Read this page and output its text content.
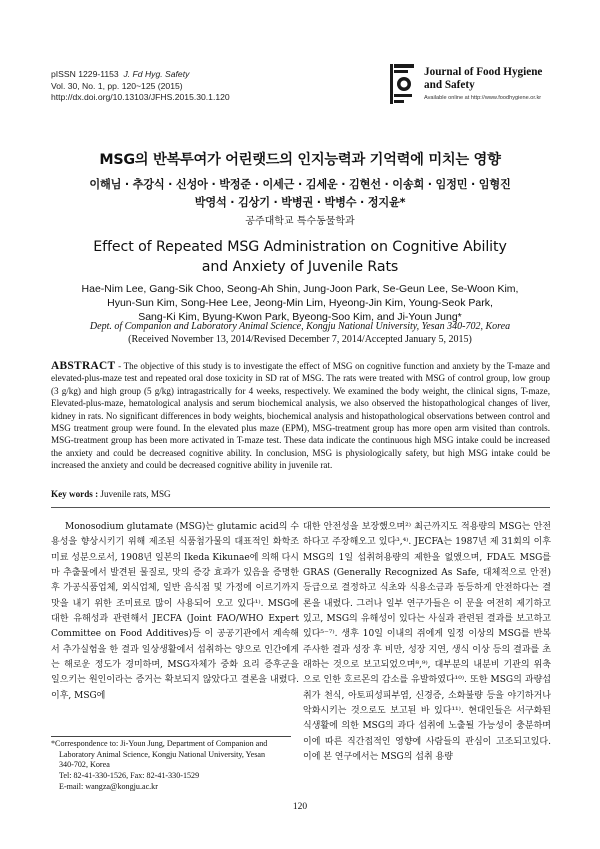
pISSN 1229-1153 J. Fd Hyg. Safety
Vol. 30, No. 1, pp. 120~125 (2015)
http://dx.doi.org/10.13103/JFHS.2015.30.1.120
Journal of Food Hygiene
and Safety
Available online at http://www.foodhygiene.or.kr
MSG의 반복투여가 어린랫드의 인지능력과 기억력에 미치는 영향
이해님 · 추강식 · 신성아 · 박정준 · 이세근 · 김세운 · 김현선 · 이송희 · 임정민 · 임형진
박영석 · 김상기 · 박병권 · 박병수 · 정지윤*
공주대학교 특수동물학과
Effect of Repeated MSG Administration on Cognitive Ability
and Anxiety of Juvenile Rats
Hae-Nim Lee, Gang-Sik Choo, Seong-Ah Shin, Jung-Joon Park, Se-Geun Lee, Se-Woon Kim,
Hyun-Sun Kim, Song-Hee Lee, Jeong-Min Lim, Hyeong-Jin Kim, Young-Seok Park,
Sang-Ki Kim, Byung-Kwon Park, Byeong-Soo Kim, and Ji-Youn Jung*
Dept. of Companion and Laboratory Animal Science, Kongju National University, Yesan 340-702, Korea
(Received November 13, 2014/Revised December 7, 2014/Accepted January 5, 2015)
ABSTRACT - The objective of this study is to investigate the effect of MSG on cognitive function and anxiety by the T-maze and elevated-plus-maze test and repeated oral dose toxicity in SD rat of MSG. The rats were treated with MSG of control group, low group (3 g/kg) and high group (5 g/kg) intragastrically for 4 weeks, respectively. We examined the body weight, the clinical signs, T-maze, Elevated-plus-maze, hematological analysis and serum biochemical analysis, we also observed the histopathological changes of liver, kidney in rats. No significant differences in body weights, biochemical analysis and histopathological observations between control and MSG treatment group were found. In the elevated plus maze (EPM), MSG-treatment group has more open arm visited than controls. MSG-treatment group has been more activated in T-maze test. These data indicate the continuous high MSG intake could be increased the anxiety and could be decreased cognitive ability. In conclusion, MSG is physiologically safety, but high MSG intake could be increased the anxiety and could be decreased cognitive ability in juvenile rat.
Key words : Juvenile rats, MSG

Monosodium glutamate (MSG)는 glutamic acid의 수용성을 향상시키기 위해 제조된 식품첨가물의 대표적인 화학조미료 성분으로서, 1908년 일본의 Ikeda Kikunae에 의해 다시마 추출물에서 발견된 물질로, 맛의 증강 효과가 있음을 증명한 후 가공식품업체, 외식업체, 일반 음식점 및 가정에 이르기까지 맛을 내기 위한 조미료로 많이 사용되어 오고 있다¹⁾. MSG에 대한 유해성과 관련해서 JECFA (Joint FAO/WHO Expert Committee on Food Additives)등 이 공공기관에서 계속해서 추가실험을 한 결과 일상생활에서 섭취하는 양으로 인간에게는 해로운 정도가 경미하며, MSG자체가 중화 요리 증후군을 일으키는 원인이라는 증거는 확보되지 않았다고 결론을 내렸다. 이후, MSG에

대한 안전성을 보장했으며²⁾ 최근까지도 적용량의 MSG는 안전하다고 주장해오고 있다³,⁴⁾. JECFA는 1987년 제 31회의 이후 MSG의 1일 섭취허용량의 제한을 없앴으며, FDA도 MSG를 GRAS (Generally Recognized As Safe, 대체적으로 안전) 등급으로 결정하고 식초와 식용소금과 동등하게 안전하다는 결론을 내렸다. 그러나 일부 연구가들은 이 문을 여전히 제기하고 있고, MSG의 유해성이 있다는 사실과 관련된 결과를 보고하고 있다⁵⁻⁷⁾. 생후 10일 이내의 쥐에게 일정 이상의 MSG를 반복 주사한 결과 성장 후 비만, 성장 지연, 생식 이상 등의 결과를 초래하는 것으로 보고되었으며⁸,⁹⁾, 대부분의 내분비 기관의 위축으로 인한 호르몬의 감소를 유발하였다¹⁰⁾. 또한 MSG의 과량섭취가 천식, 아토피성피부염, 신경증, 소화불량 등을 야기하거나 악화시키는 것으로도 보고된 바 있다¹¹⁾. 현대인들은 서구화된 식생활에 의한 MSG의 과다 섭취에 노출될 가능성이 충분하며 이에 따른 직간접적인 영향에 사람들의 관심이 고조되고있다. 이에 본 연구에서는 MSG의 섭취 용량

*Correspondence to: Ji-Youn Jung, Department of Companion and
Laboratory Animal Science, Kongju National University, Yesan
340-702, Korea
Tel: 82-41-330-1526, Fax: 82-41-330-1529
E-mail: wangza@kongju.ac.kr
120
